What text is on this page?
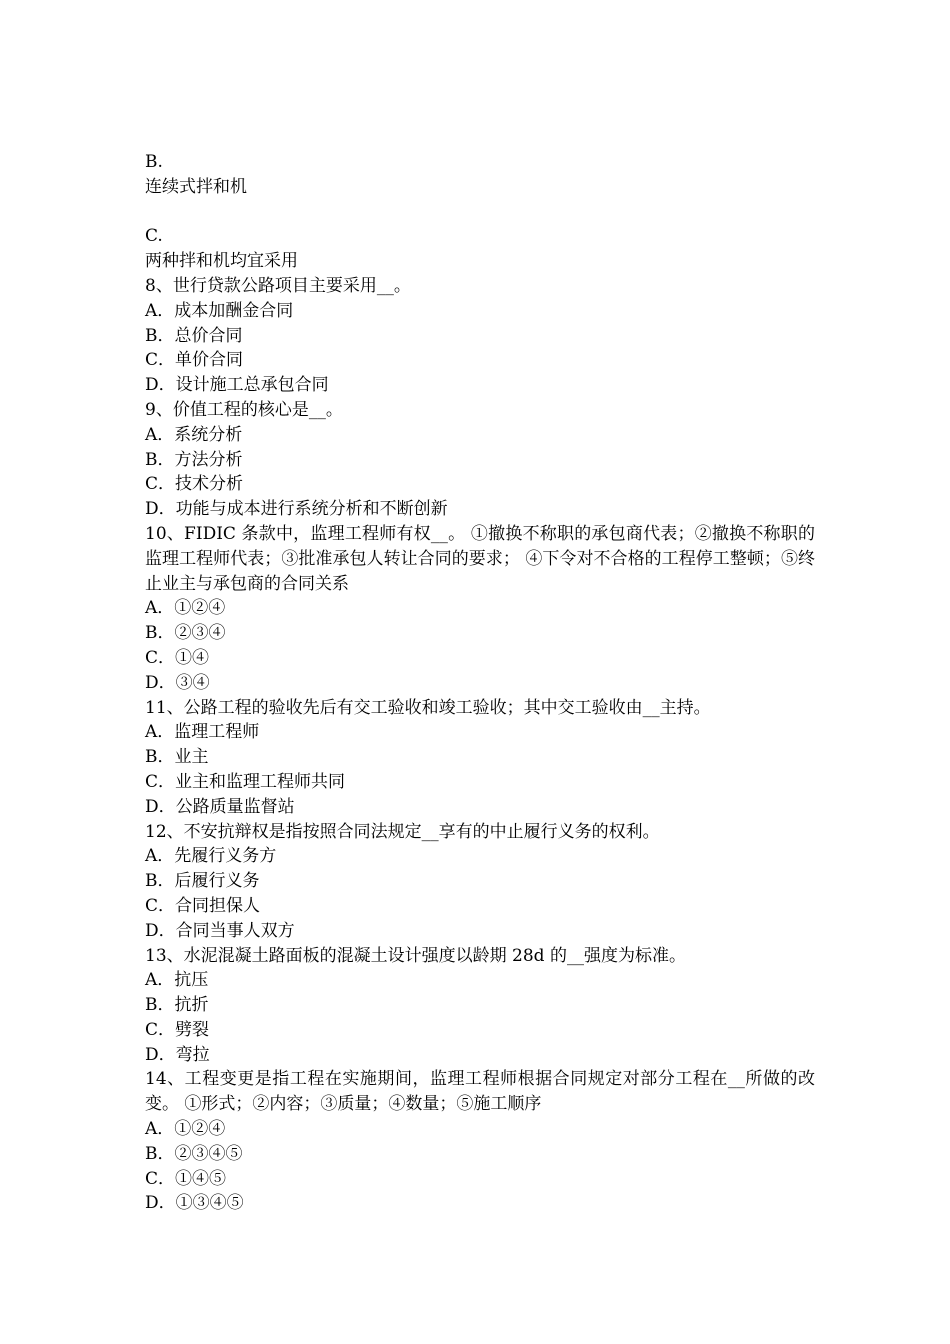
B.
连续式拌和机
C.
两种拌和机均宜采用
8、世行贷款公路项目主要采用__。
A．成本加酬金合同
B．总价合同
C．单价合同
D．设计施工总承包合同
9、价值工程的核心是__。
A．系统分析
B．方法分析
C．技术分析
D．功能与成本进行系统分析和不断创新
10、FIDIC 条款中，监理工程师有权__。 ①撤换不称职的承包商代表；②撤换不称职的监理工程师代表；③批准承包人转让合同的要求； ④下令对不合格的工程停工整顿；⑤终止业主与承包商的合同关系
A．①②④
B．②③④
C．①④
D．③④
11、公路工程的验收先后有交工验收和竣工验收；其中交工验收由__主持。
A．监理工程师
B．业主
C．业主和监理工程师共同
D．公路质量监督站
12、不安抗辩权是指按照合同法规定__享有的中止履行义务的权利。
A．先履行义务方
B．后履行义务
C．合同担保人
D．合同当事人双方
13、水泥混凝土路面板的混凝土设计强度以龄期 28d 的__强度为标准。
A．抗压
B．抗折
C．劈裂
D．弯拉
14、工程变更是指工程在实施期间，监理工程师根据合同规定对部分工程在__所做的改变。 ①形式；②内容；③质量；④数量；⑤施工顺序
A．①②④
B．②③④⑤
C．①④⑤
D．①③④⑤
